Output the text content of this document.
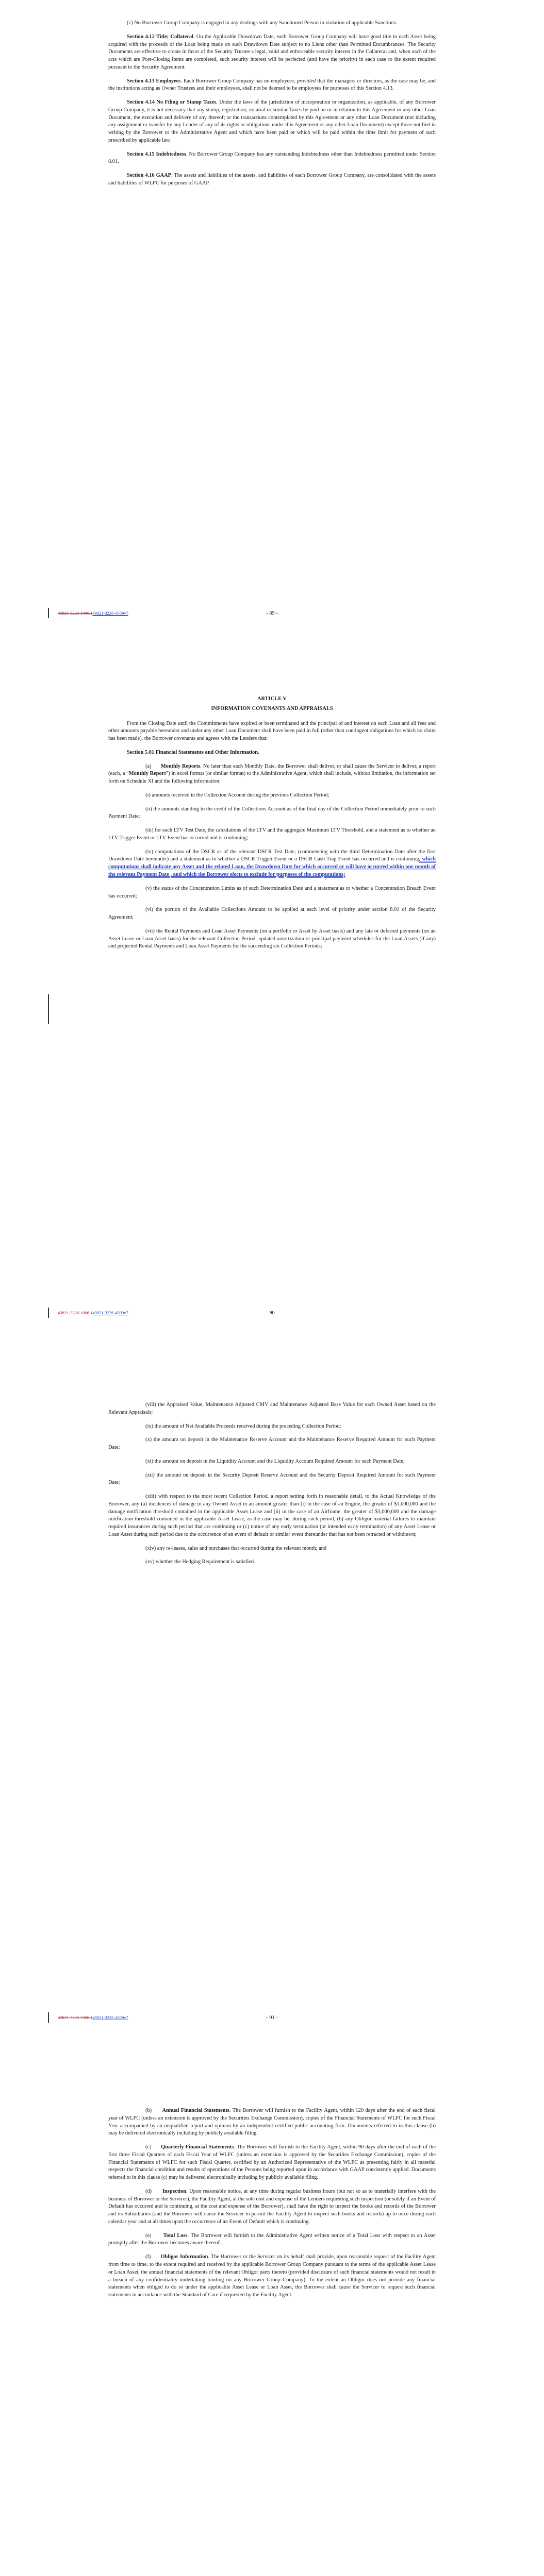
(c) No Borrower Group Company is engaged in any dealings with any Sanctioned Person in violation of applicable Sanctions.

Section 4.12 Title; Collateral. On the Applicable Drawdown Date, each Borrower Group Company will have good title to each Asset being acquired with the proceeds of the Loan being made on such Drawdown Date subject to no Liens other than Permitted Encumbrances. The Security Documents are effective to create in favor of the Security Trustee a legal, valid and enforceable security interest in the Collateral and, when each of the acts which are Post-Closing Items are completed, such security interest will be perfected (and have the priority) in each case to the extent required pursuant to the Security Agreement.

Section 4.13 Employees. Each Borrower Group Company has no employees; provided that the managers or directors, as the case may be, and the institutions acting as Owner Trustees and their employees, shall not be deemed to be employees for purposes of this Section 4.13.

Section 4.14 No Filing or Stamp Taxes. Under the laws of the jurisdiction of incorporation or organization, as applicable, of any Borrower Group Company, it is not necessary that any stamp, registration, notarial or similar Taxes be paid on or in relation to this Agreement or any other Loan Document, the execution and delivery of any thereof; or the transactions contemplated by this Agreement or any other Loan Document (not including any assignment or transfer by any Lender of any of its rights or obligations under this Agreement or any other Loan Document) except those notified in writing by the Borrower to the Administrative Agent and which have been paid or which will be paid within the time limit for payment of such prescribed by applicable law.

Section 4.15 Indebtedness. No Borrower Group Company has any outstanding Indebtedness other than Indebtedness permitted under Section 8.01.

Section 4.16 GAAP. The assets and liabilities of the assets, and liabilities of each Borrower Group Company, are consolidated with the assets and liabilities of WLFC for purposes of GAAP.

43821-3226-1006.149021-3226-4509v7	- 89 -

ARTICLE V

INFORMATION COVENANTS AND APPRAISALS

From the Closing Date until the Commitments have expired or been terminated and the principal of and interest on each Loan and all fees and other amounts payable hereunder and under any other Loan Document shall have been paid in full (other than contingent obligations for which no claim has been made), the Borrower covenants and agrees with the Lenders that:

Section 5.01 Financial Statements and Other Information.

(a) Monthly Reports. No later than each Monthly Date, the Borrower shall deliver, or shall cause the Servicer to deliver, a report (each, a “Monthly Report”) in excel format (or similar format) to the Administrative Agent, which shall include, without limitation, the information set forth on Schedule XI and the following information:

(i) amounts received in the Collection Account during the previous Collection Period;

(ii) the amounts standing to the credit of the Collections Account as of the final day of the Collection Period immediately prior to such Payment Date;

(iii) for each LTV Test Date, the calculations of the LTV and the aggregate Maximum LTV Threshold, and a statement as to whether an LTV Trigger Event or LTV Event has occurred and is continuing;

(iv) computations of the DSCR as of the relevant DSCR Test Date, (commencing with the third Determination Date after the first Drawdown Date hereunder) and a statement as to whether a DSCR Trigger Event or a DSCR Cash Trap Event has occurred and is continuing, which computations shall indicate any Asset and the related Loan, the Drawdown Date for which occurred or will have occurred within one month of the relevant Payment Date , and which the Borrower elects to exclude for purposes of the computations;

(v) the status of the Concentration Limits as of such Determination Date and a statement as to whether a Concentration Breach Event has occurred;

(vi) the portion of the Available Collections Amount to be applied at each level of priority under section 8.01 of the Security Agreement;

(vii) the Rental Payments and Loan Asset Payments (on a portfolio or Asset by Asset basis) and any late or deferred payments (on an Asset Lease or Loan Asset basis) for the relevant Collection Period, updated amortization or principal payment schedules for the Loan Assets (if any) and projected Rental Payments and Loan Asset Payments for the succeeding six Collection Periods;

43821-3226-1006.149021-3226-4509v7	- 90 -

(viii) the Appraised Value, Maintenance Adjusted CMV and Maintenance Adjusted Base Value for each Owned Asset based on the Relevant Appraisals;

(ix) the amount of Net Available Proceeds received during the preceding Collection Period;

(x) the amount on deposit in the Maintenance Reserve Account and the Maintenance Reserve Required Amount for such Payment Date;

(xi) the amount on deposit in the Liquidity Account and the Liquidity Account Required Amount for such Payment Date;

(xii) the amount on deposit in the Security Deposit Reserve Account and the Security Deposit Required Amount for such Payment Date;

(xiii) with respect to the most recent Collection Period, a report setting forth in reasonable detail, to the Actual Knowledge of the Borrower, any (a) incidences of damage to any Owned Asset in an amount greater than (i) in the case of an Engine, the greater of $1,000,000 and the damage notification threshold contained in the applicable Asset Lease and (ii) in the case of an Airframe, the greater of $3,000,000 and the damage notification threshold contained in the applicable Asset Lease, as the case may be, during such period, (b) any Obligor material failures to maintain required insurances during such period that are continuing or (c) notice of any early termination (or intended early termination) of any Asset Lease or Loan Asset during such period due to the occurrence of an event of default or similar event thereunder that has not been retracted or withdrawn;

(xiv) any re-leases, sales and purchases that occurred during the relevant month; and

(xv) whether the Hedging Requirement is satisfied.

43821-3226-1006.149021-3226-4509v7	- 91 -

(b) Annual Financial Statements. The Borrower will furnish to the Facility Agent, within 120 days after the end of each fiscal year of WLFC (unless an extension is approved by the Securities Exchange Commission), copies of the Financial Statements of WLFC for such Fiscal Year accompanied by an unqualified report and opinion by an independent certified public accounting firm. Documents referred to in this clause (b) may be delivered electronically including by publicly available filing.

(c) Quarterly Financial Statements. The Borrower will furnish to the Facility Agent, within 90 days after the end of each of the first three Fiscal Quarters of each Fiscal Year of WLFC (unless an extension is approved by the Securities Exchange Commission), copies of the Financial Statements of WLFC for such Fiscal Quarter, certified by an Authorized Representative of the WLFC as presenting fairly in all material respects the financial condition and results of operations of the Persons being reported upon in accordance with GAAP consistently applied. Documents referred to in this clause (c) may be delivered electronically including by publicly available filing.

(d) Inspection. Upon reasonable notice, at any time during regular business hours (but not so as to materially interfere with the business of Borrower or the Servicer), the Facility Agent, at the sole cost and expense of the Lenders requesting such inspection (or solely if an Event of Default has occurred and is continuing, at the cost and expense of the Borrower), shall have the right to inspect the books and records of the Borrower and its Subsidiaries (and the Borrower will cause the Servicer to permit the Facility Agent to inspect such books and records) up to once during each calendar year and at all times upon the occurrence of an Event of Default which is continuing.

(e) Total Loss. The Borrower will furnish to the Administrative Agent written notice of a Total Loss with respect to an Asset promptly after the Borrower becomes aware thereof.

(f) Obligor Information. The Borrower or the Servicer on its behalf shall provide, upon reasonable request of the Facility Agent from time to time, to the extent required and received by the applicable Borrower Group Company pursuant to the terms of the applicable Asset Lease or Loan Asset, the annual financial statements of the relevant Obligor party thereto (provided disclosure of such financial statements would not result in a breach of any confidentiality undertaking binding on any Borrower Group Company). To the extent an Obligor does not provide any financial statements when obliged to do so under the applicable Asset Lease or Loan Asset, the Borrower shall cause the Servicer to request such financial statements in accordance with the Standard of Care if requested by the Facility Agent.
